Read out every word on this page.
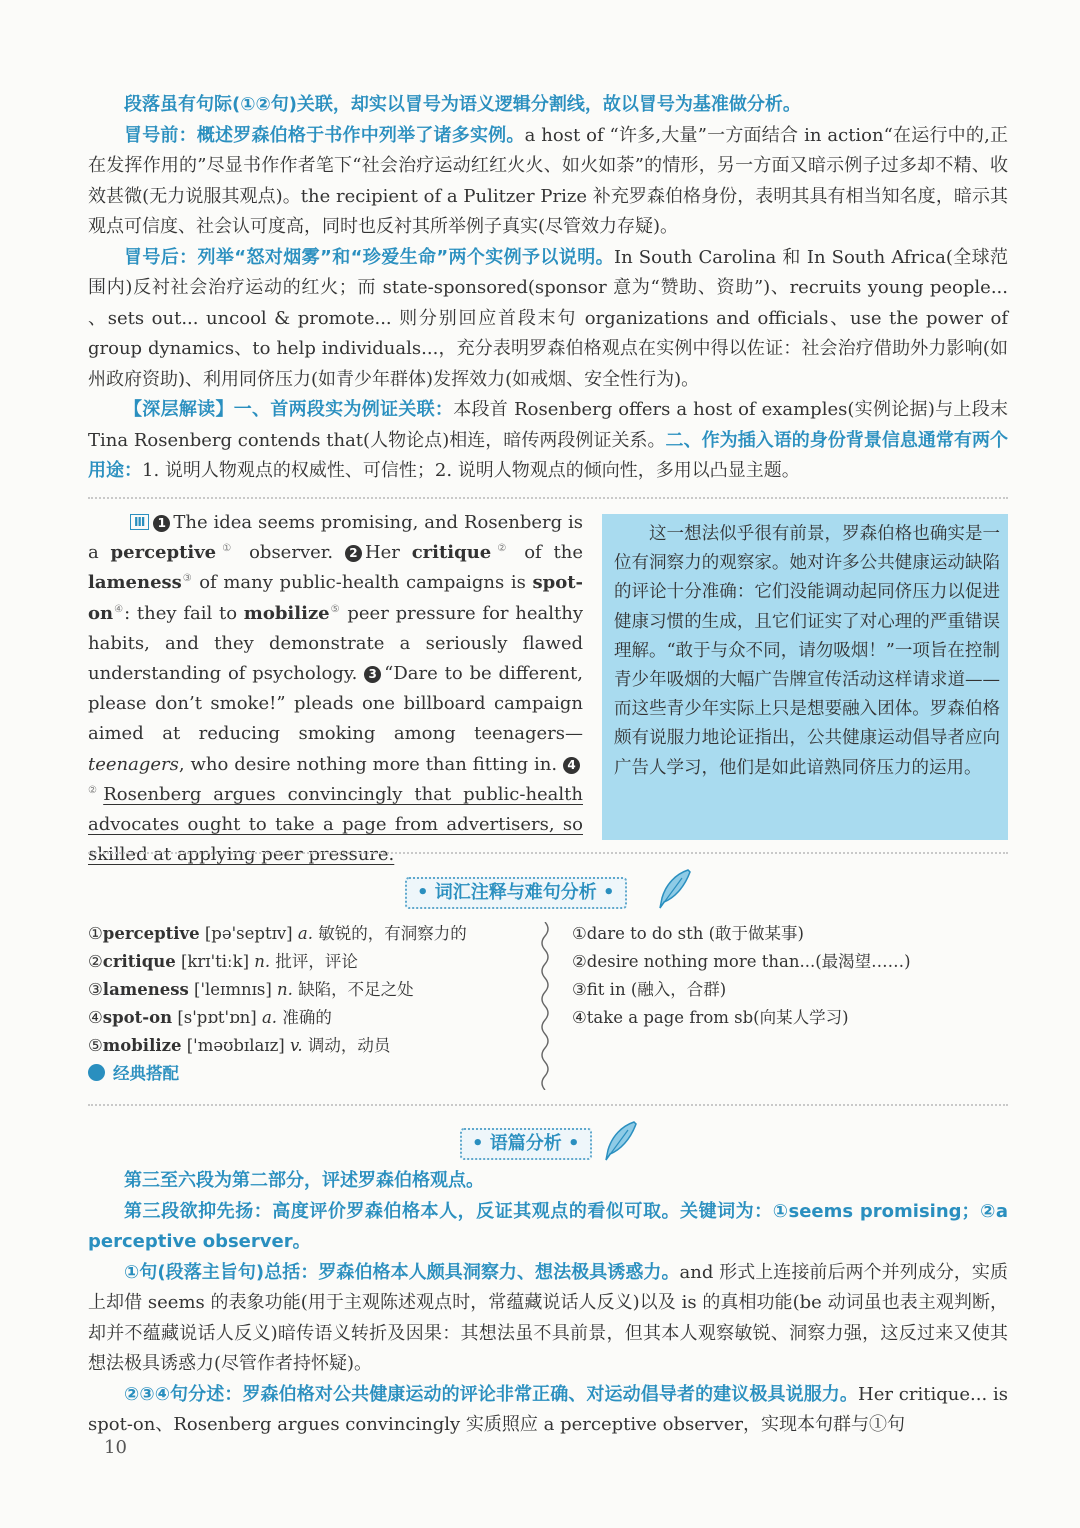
段落虽有句际(①②句)关联，却实以冒号为语义逻辑分割线，故以冒号为基准做分析。

冒号前：概述罗森伯格于书作中列举了诸多实例。a host of “许多,大量”一方面结合 in action“在运行中的,正在发挥作用的”尽显书作作者笔下“社会治疗运动红红火火、如火如荼”的情形，另一方面又暗示例子过多却不精、收效甚微(无力说服其观点)。the recipient of a Pulitzer Prize 补充罗森伯格身份，表明其具有相当知名度，暗示其观点可信度、社会认可度高，同时也反衬其所举例子真实(尽管效力存疑)。

冒号后：列举“怒对烟雾”和“珍爱生命”两个实例予以说明。In South Carolina 和 In South Africa(全球范围内)反衬社会治疗运动的红火；而 state-sponsored(sponsor 意为“赞助、资助”)、recruits young people... 、sets out... uncool & promote... 则分别回应首段末句 organizations and officials、use the power of group dynamics、to help individuals...，充分表明罗森伯格观点在实例中得以佐证：社会治疗借助外力影响(如州政府资助)、利用同侪压力(如青少年群体)发挥效力(如戒烟、安全性行为)。

【深层解读】一、首两段实为例证关联：本段首 Rosenberg offers a host of examples(实例论据)与上段末 Tina Rosenberg contends that(人物论点)相连，暗传两段例证关系。二、作为插入语的身份背景信息通常有两个用途：1. 说明人物观点的权威性、可信性；2. 说明人物观点的倾向性，多用以凸显主题。

Ⅲ 1 The idea seems promising, and Rosenberg is a perceptive① observer. 2 Her critique② of the lameness③ of many public-health campaigns is spot-on④: they fail to mobilize⑤ peer pressure for healthy habits, and they demonstrate a seriously flawed understanding of psychology. 3 “Dare to be different, please don’t smoke!” pleads one billboard campaign aimed at reducing smoking among teenagers—teenagers, who desire nothing more than fitting in. 4②Rosenberg argues convincingly that public-health advocates ought to take a page from advertisers, so skilled at applying peer pressure.

这一想法似乎很有前景，罗森伯格也确实是一位有洞察力的观察家。她对许多公共健康运动缺陷的评论十分准确：它们没能调动起同侪压力以促进健康习惯的生成，且它们证实了对心理的严重错误理解。“敢于与众不同，请勿吸烟！”一项旨在控制青少年吸烟的大幅广告牌宣传活动这样请求道——而这些青少年实际上只是想要融入团体。罗森伯格颇有说服力地论证指出，公共健康运动倡导者应向广告人学习，他们是如此谙熟同侪压力的运用。

• 词汇注释与难句分析 •
①perceptive [pə'septɪv] a. 敏锐的，有洞察力的
②critique [krɪ'tiːk] n. 批评，评论
③lameness ['leɪmnɪs] n. 缺陷，不足之处
④spot-on [s'pɒt'ɒn] a. 准确的
⑤mobilize ['məʊbɪlaɪz] v. 调动，动员
经典搭配
①dare to do sth (敢于做某事)
②desire nothing more than...(最渴望……)
③fit in (融入，合群)
④take a page from sb(向某人学习)
• 语篇分析 •

第三至六段为第二部分，评述罗森伯格观点。

第三段欲抑先扬：高度评价罗森伯格本人，反证其观点的看似可取。关键词为：①seems promising；②a perceptive observer。

①句(段落主旨句)总括：罗森伯格本人颇具洞察力、想法极具诱惑力。and 形式上连接前后两个并列成分，实质上却借 seems 的表象功能(用于主观陈述观点时，常蕴藏说话人反义)以及 is 的真相功能(be 动词虽也表主观判断，却并不蕴藏说话人反义)暗传语义转折及因果：其想法虽不具前景，但其本人观察敏锐、洞察力强，这反过来又使其想法极具诱惑力(尽管作者持怀疑)。

②③④句分述：罗森伯格对公共健康运动的评论非常正确、对运动倡导者的建议极具说服力。Her critique... is spot-on、Rosenberg argues convincingly 实质照应 a perceptive observer，实现本句群与①句

10
